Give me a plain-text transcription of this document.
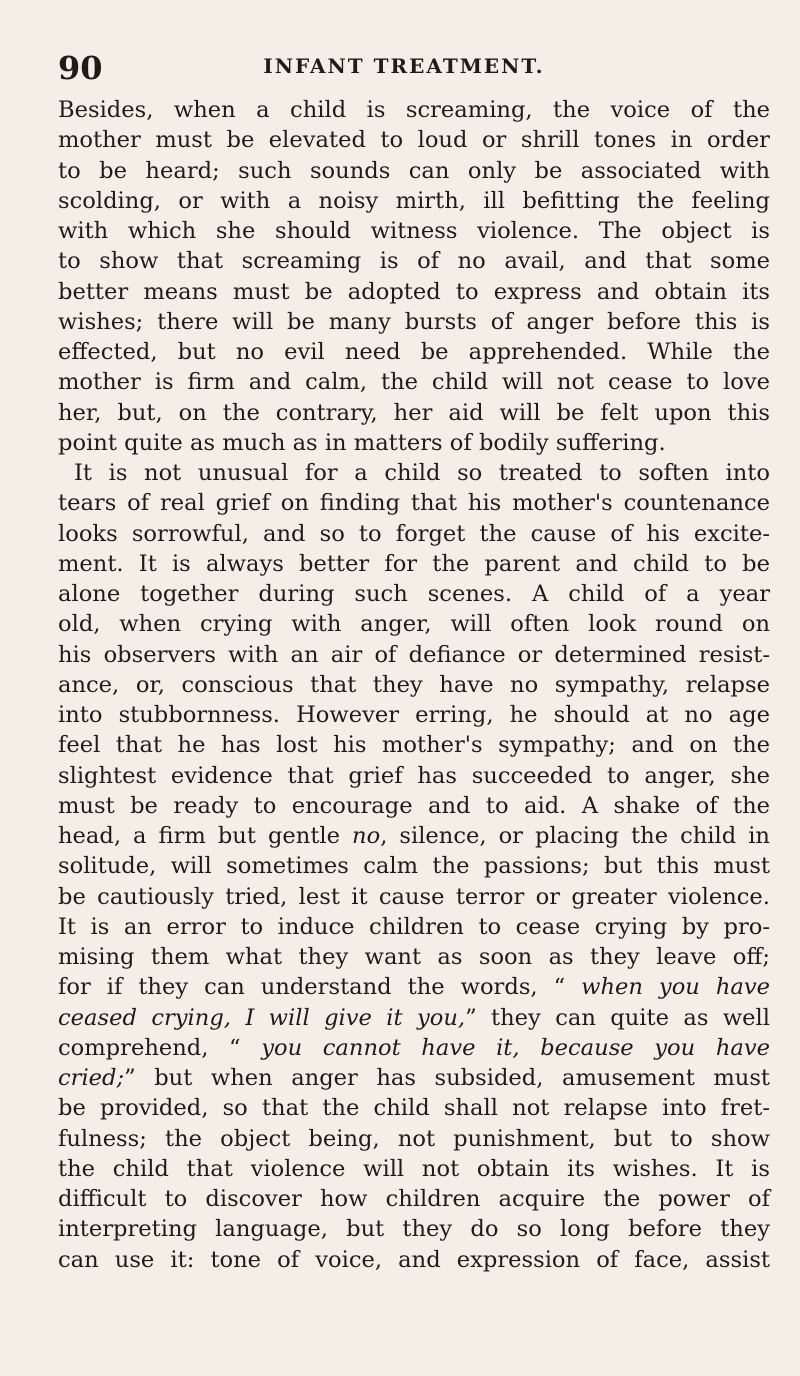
90	INFANT TREATMENT.
Besides, when a child is screaming, the voice of the
mother must be elevated to loud or shrill tones in order
to be heard; such sounds can only be associated with
scolding, or with a noisy mirth, ill befitting the feeling
with which she should witness violence. The object is
to show that screaming is of no avail, and that some
better means must be adopted to express and obtain its
wishes; there will be many bursts of anger before this is
effected, but no evil need be apprehended. While the
mother is firm and calm, the child will not cease to love
her, but, on the contrary, her aid will be felt upon this
point quite as much as in matters of bodily suffering.
It is not unusual for a child so treated to soften into
tears of real grief on finding that his mother's countenance
looks sorrowful, and so to forget the cause of his excite-
ment. It is always better for the parent and child to be
alone together during such scenes. A child of a year
old, when crying with anger, will often look round on
his observers with an air of defiance or determined resist-
ance, or, conscious that they have no sympathy, relapse
into stubbornness. However erring, he should at no age
feel that he has lost his mother's sympathy; and on the
slightest evidence that grief has succeeded to anger, she
must be ready to encourage and to aid. A shake of the
head, a firm but gentle no, silence, or placing the child in
solitude, will sometimes calm the passions; but this must
be cautiously tried, lest it cause terror or greater violence.
It is an error to induce children to cease crying by pro-
mising them what they want as soon as they leave off;
for if they can understand the words, “ when you have
ceased crying, I will give it you,” they can quite as well
comprehend, “ you cannot have it, because you have
cried;” but when anger has subsided, amusement must
be provided, so that the child shall not relapse into fret-
fulness; the object being, not punishment, but to show
the child that violence will not obtain its wishes. It is
difficult to discover how children acquire the power of
interpreting language, but they do so long before they
can use it: tone of voice, and expression of face, assist
